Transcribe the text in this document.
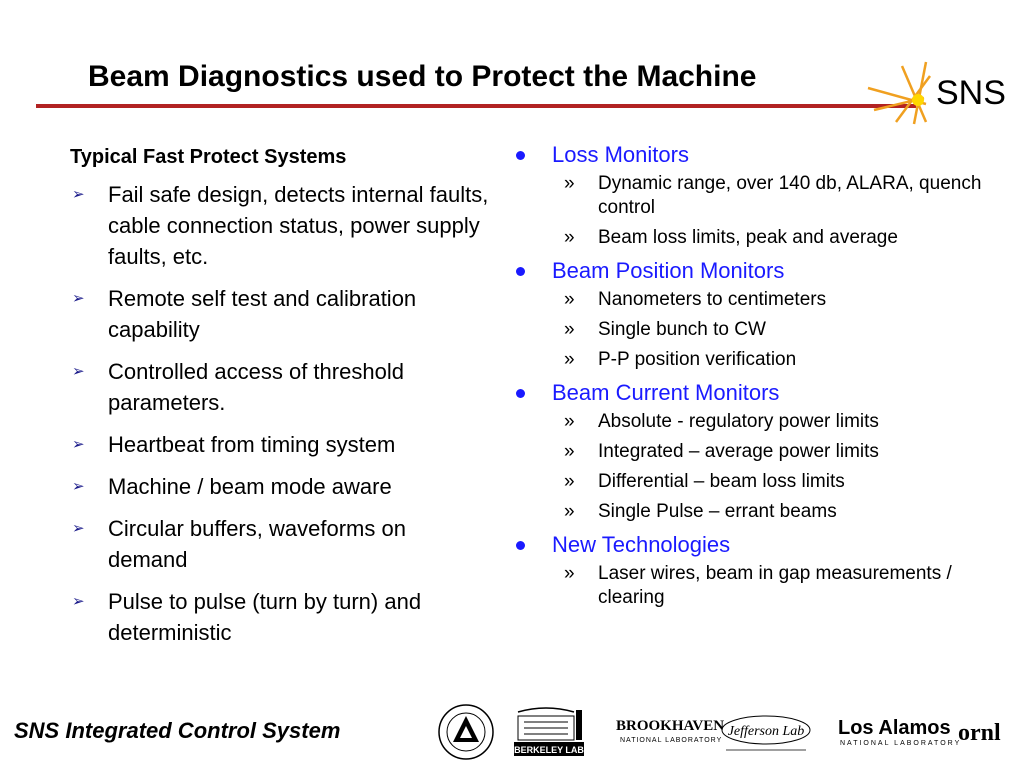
Beam Diagnostics used to Protect the Machine	SNS
Typical Fast Protect Systems
➢ Fail safe design, detects internal faults, cable connection status, power supply faults, etc.
➢ Remote self test and calibration capability
➢ Controlled access of threshold parameters.
➢ Heartbeat from timing system
➢ Machine / beam mode aware
➢ Circular buffers, waveforms on demand
➢ Pulse to pulse (turn by turn) and deterministic
Loss Monitors
» Dynamic range, over 140 db, ALARA, quench control
» Beam loss limits, peak and average
Beam Position Monitors
» Nanometers to centimeters
» Single bunch to CW
» P-P position verification
Beam Current Monitors
» Absolute - regulatory power limits
» Integrated – average power limits
» Differential – beam loss limits
» Single Pulse – errant beams
New Technologies
» Laser wires, beam in gap measurements / clearing
SNS Integrated Control System
BERKELEY LAB
BROOKHAVEN
NATIONAL LABORATORY
Jefferson Lab Los Alamos
NATIONAL LABORATORY
ornl
